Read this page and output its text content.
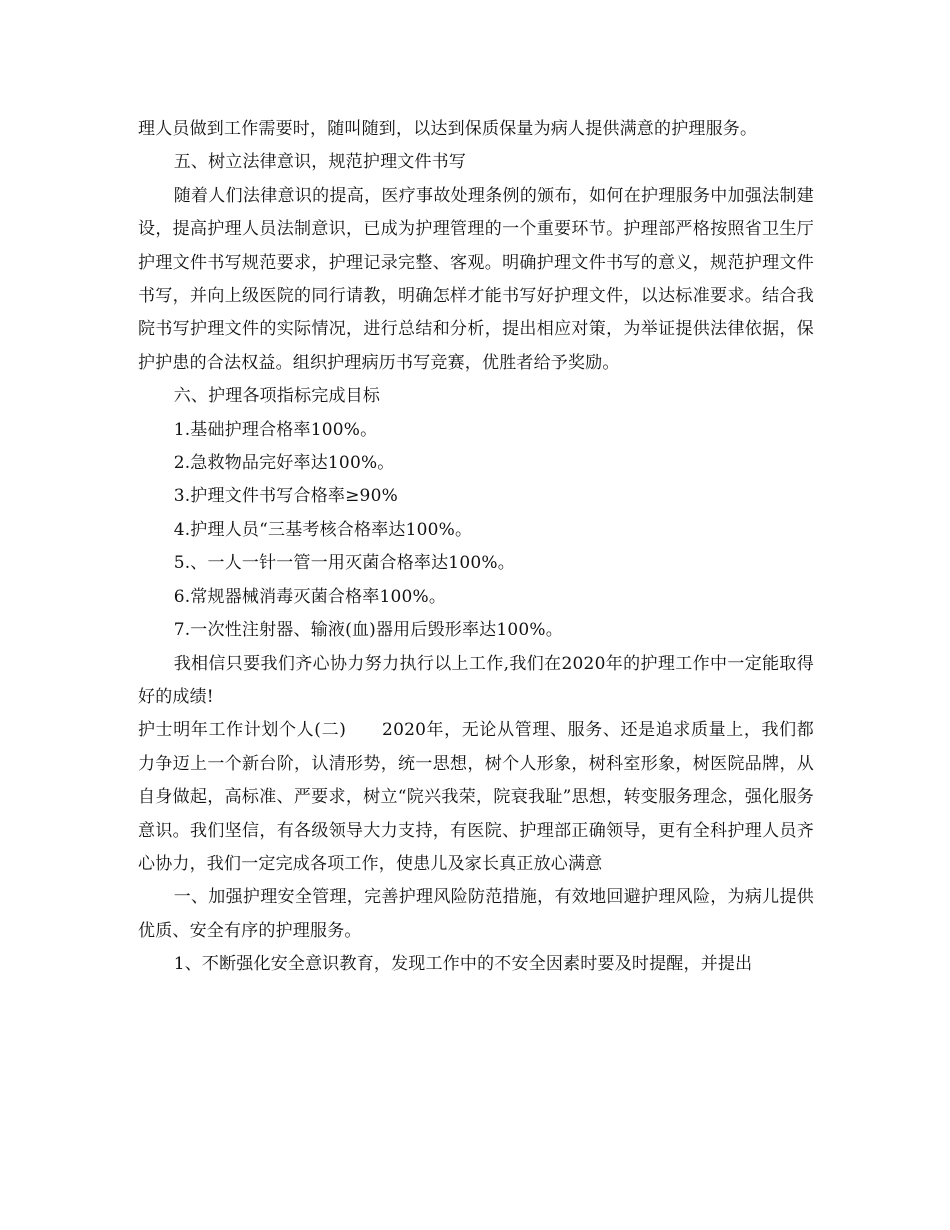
理人员做到工作需要时，随叫随到，以达到保质保量为病人提供满意的护理服务。

五、树立法律意识，规范护理文件书写

随着人们法律意识的提高，医疗事故处理条例的颁布，如何在护理服务中加强法制建设，提高护理人员法制意识，已成为护理管理的一个重要环节。护理部严格按照省卫生厅护理文件书写规范要求，护理记录完整、客观。明确护理文件书写的意义，规范护理文件书写，并向上级医院的同行请教，明确怎样才能书写好护理文件，以达标准要求。结合我院书写护理文件的实际情况，进行总结和分析，提出相应对策，为举证提供法律依据，保护护患的合法权益。组织护理病历书写竞赛，优胜者给予奖励。

六、护理各项指标完成目标

1.基础护理合格率100%。

2.急救物品完好率达100%。

3.护理文件书写合格率≥90%

4.护理人员“三基考核合格率达100%。

5.、一人一针一管一用灭菌合格率达100%。

6.常规器械消毒灭菌合格率100%。

7.一次性注射器、输液(血)器用后毁形率达100%。

我相信只要我们齐心协力努力执行以上工作,我们在2020年的护理工作中一定能取得好的成绩!

护士明年工作计划个人(二) 2020年，无论从管理、服务、还是追求质量上，我们都力争迈上一个新台阶，认清形势，统一思想，树个人形象，树科室形象，树医院品牌，从自身做起，高标准、严要求，树立“院兴我荣，院衰我耻”思想，转变服务理念，强化服务意识。我们坚信，有各级领导大力支持，有医院、护理部正确领导，更有全科护理人员齐心协力，我们一定完成各项工作，使患儿及家长真正放心满意

一、加强护理安全管理，完善护理风险防范措施，有效地回避护理风险，为病儿提供优质、安全有序的护理服务。

1、不断强化安全意识教育，发现工作中的不安全因素时要及时提醒，并提出
